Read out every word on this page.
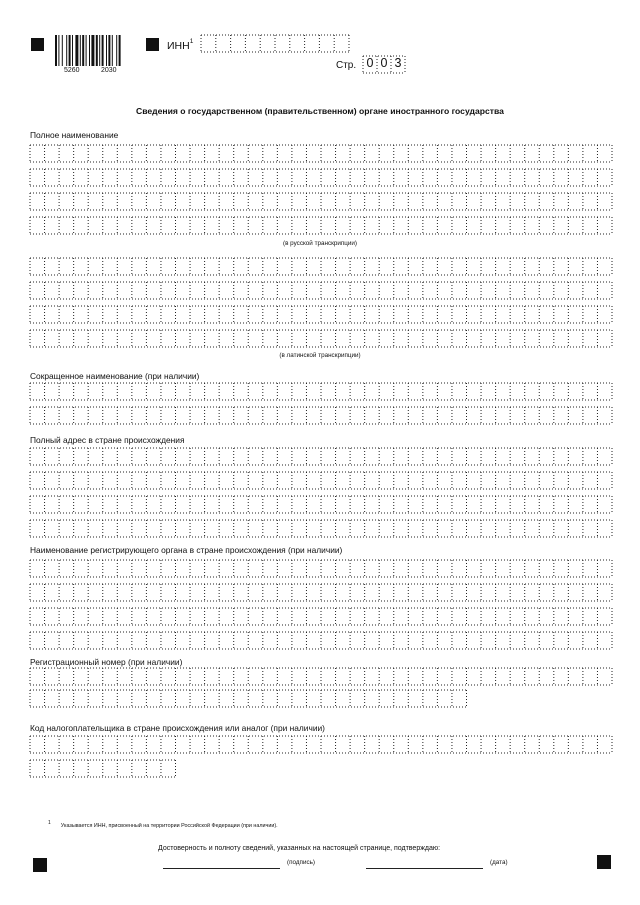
5260	2030
ИНН$^1$
Стр. 0 0 3
Сведения о государственном (правительственном) органе иностранного государства
Полное наименование
(в русской транскрипции)
(в латинской транскрипции)
Сокращенное наименование (при наличии)
Полный адрес в стране происхождения
Наименование регистрирующего органа в стране происхождения (при наличии)
Регистрационный номер (при наличии)
Код налогоплательщика в стране происхождения или аналог (при наличии)
$^1$ Указывается ИНН, присвоенный на территории Российской Федерации (при наличии).
Достоверность и полноту сведений, указанных на настоящей странице, подтверждаю:
(подпись)	(дата)
